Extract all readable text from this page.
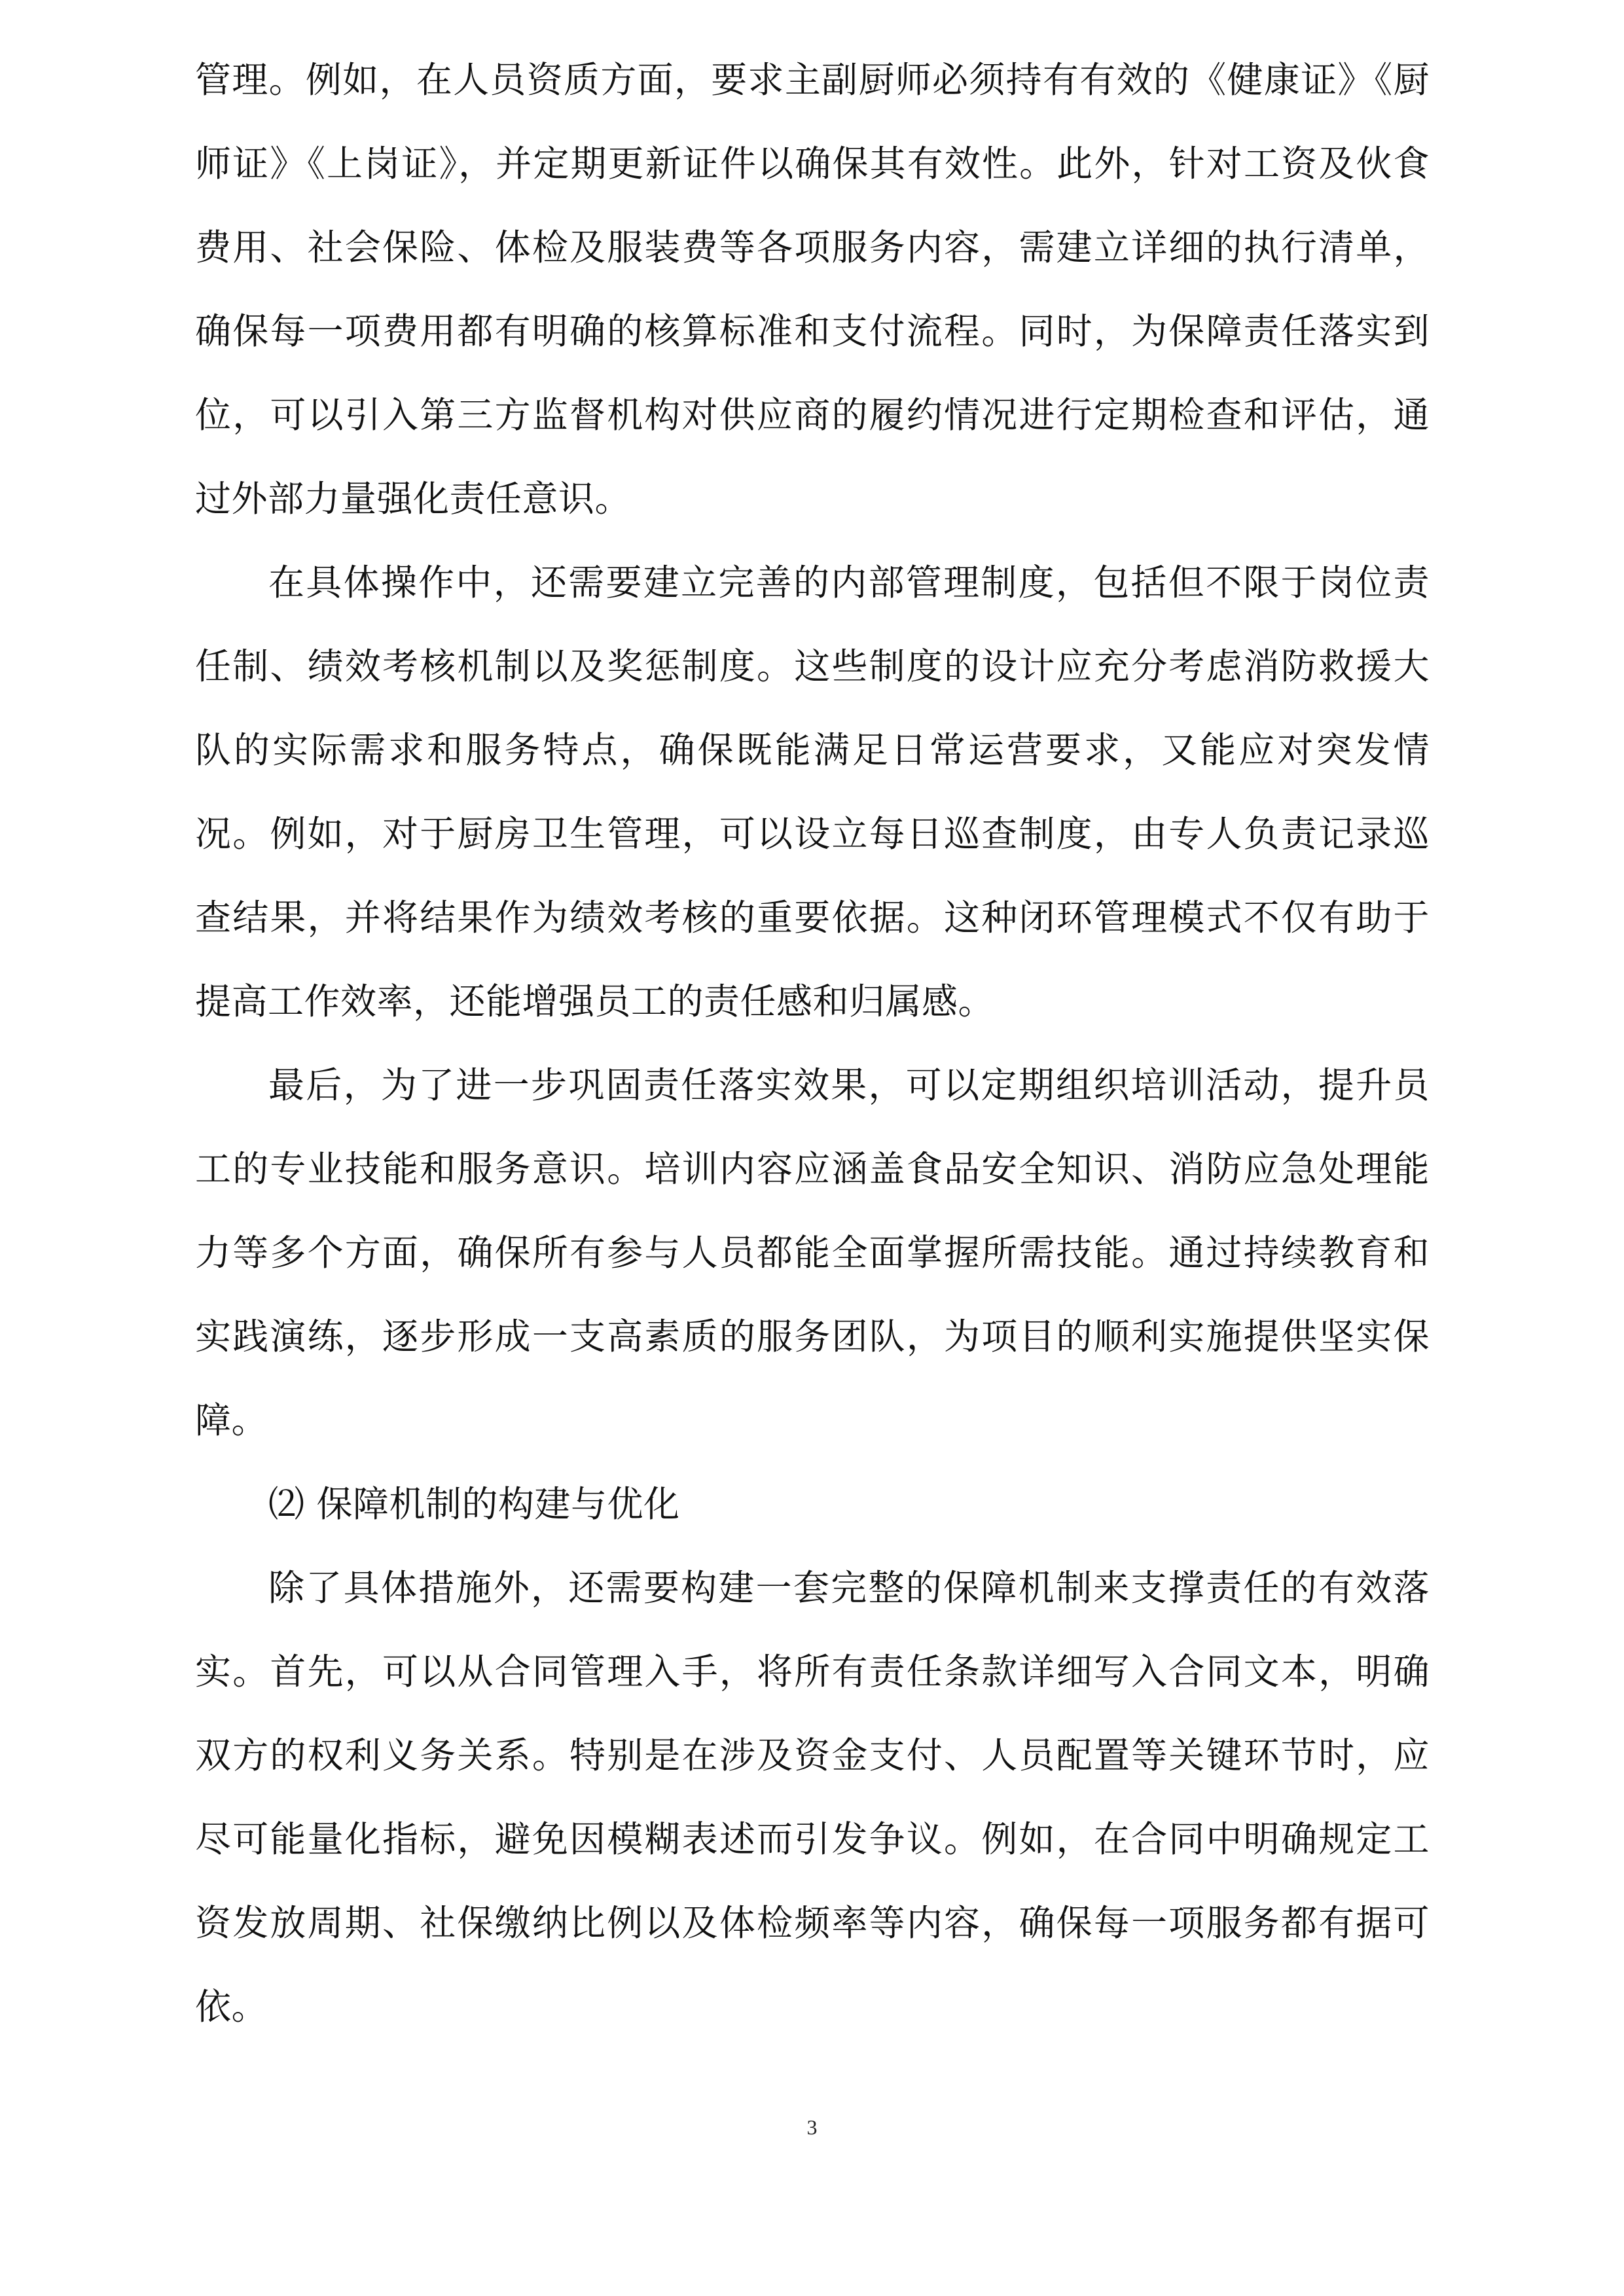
管理。例如，在人员资质方面，要求主副厨师必须持有有效的《健康证》《厨师证》《上岗证》，并定期更新证件以确保其有效性。此外，针对工资及伙食费用、社会保险、体检及服装费等各项服务内容，需建立详细的执行清单，确保每一项费用都有明确的核算标准和支付流程。同时，为保障责任落实到位，可以引入第三方监督机构对供应商的履约情况进行定期检查和评估，通过外部力量强化责任意识。

在具体操作中，还需要建立完善的内部管理制度，包括但不限于岗位责任制、绩效考核机制以及奖惩制度。这些制度的设计应充分考虑消防救援大队的实际需求和服务特点，确保既能满足日常运营要求，又能应对突发情况。例如，对于厨房卫生管理，可以设立每日巡查制度，由专人负责记录巡查结果，并将结果作为绩效考核的重要依据。这种闭环管理模式不仅有助于提高工作效率，还能增强员工的责任感和归属感。

最后，为了进一步巩固责任落实效果，可以定期组织培训活动，提升员工的专业技能和服务意识。培训内容应涵盖食品安全知识、消防应急处理能力等多个方面，确保所有参与人员都能全面掌握所需技能。通过持续教育和实践演练，逐步形成一支高素质的服务团队，为项目的顺利实施提供坚实保障。

⑵ 保障机制的构建与优化

除了具体措施外，还需要构建一套完整的保障机制来支撑责任的有效落实。首先，可以从合同管理入手，将所有责任条款详细写入合同文本，明确双方的权利义务关系。特别是在涉及资金支付、人员配置等关键环节时，应尽可能量化指标，避免因模糊表述而引发争议。例如，在合同中明确规定工资发放周期、社保缴纳比例以及体检频率等内容，确保每一项服务都有据可依。

3
